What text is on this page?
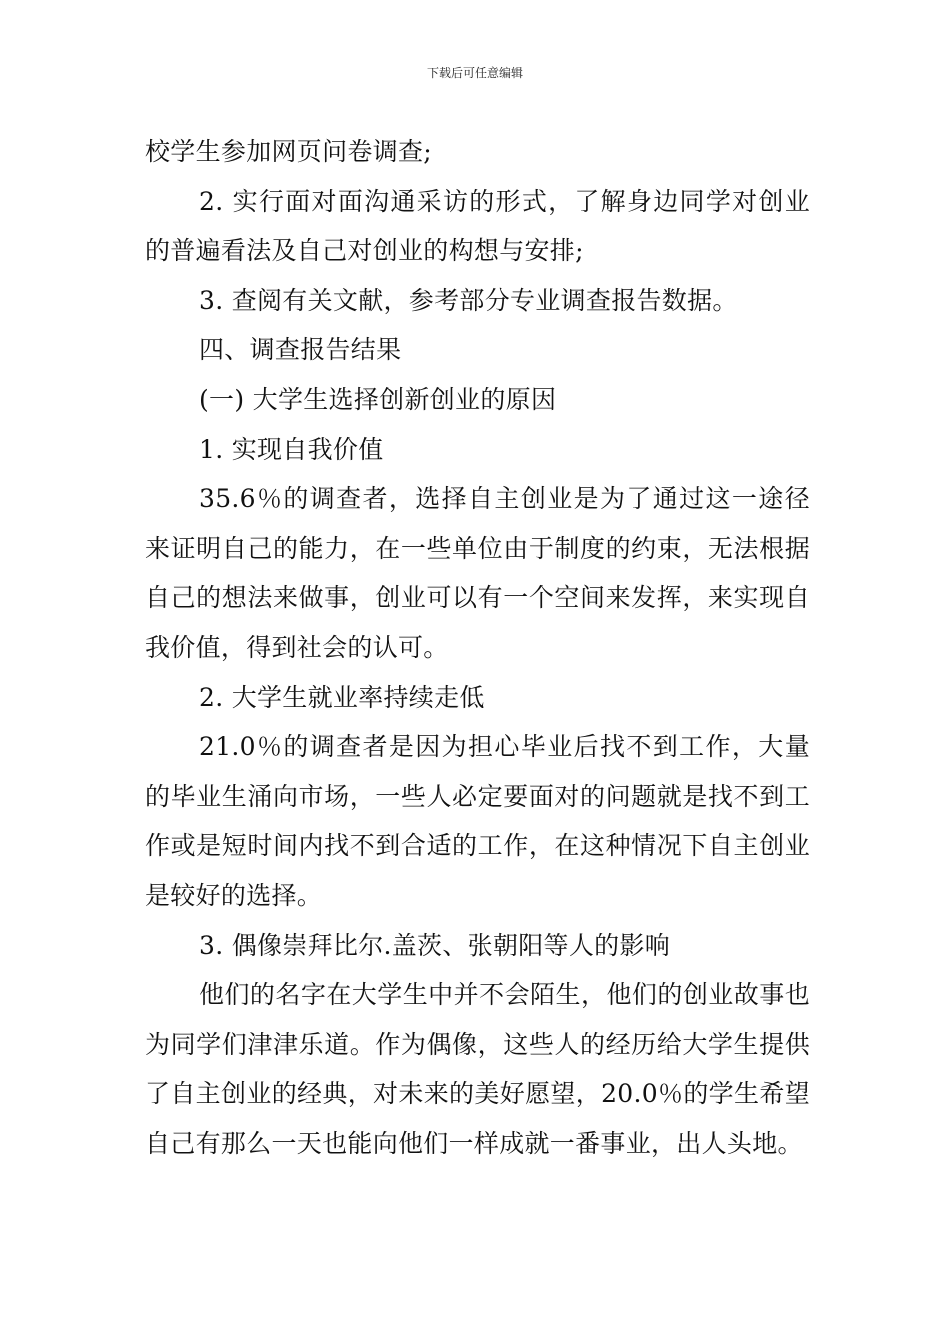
下载后可任意编辑

校学生参加网页问卷调查;

2. 实行面对面沟通采访的形式，了解身边同学对创业的普遍看法及自己对创业的构想与安排;

3. 查阅有关文献，参考部分专业调查报告数据。

四、调查报告结果

(一) 大学生选择创新创业的原因

1. 实现自我价值

35.6％的调查者，选择自主创业是为了通过这一途径来证明自己的能力，在一些单位由于制度的约束，无法根据自己的想法来做事，创业可以有一个空间来发挥，来实现自我价值，得到社会的认可。

2. 大学生就业率持续走低

21.0％的调查者是因为担心毕业后找不到工作，大量的毕业生涌向市场，一些人必定要面对的问题就是找不到工作或是短时间内找不到合适的工作，在这种情况下自主创业是较好的选择。

3. 偶像崇拜比尔.盖茨、张朝阳等人的影响

他们的名字在大学生中并不会陌生，他们的创业故事也为同学们津津乐道。作为偶像，这些人的经历给大学生提供了自主创业的经典，对未来的美好愿望，20.0％的学生希望自己有那么一天也能向他们一样成就一番事业，出人头地。
